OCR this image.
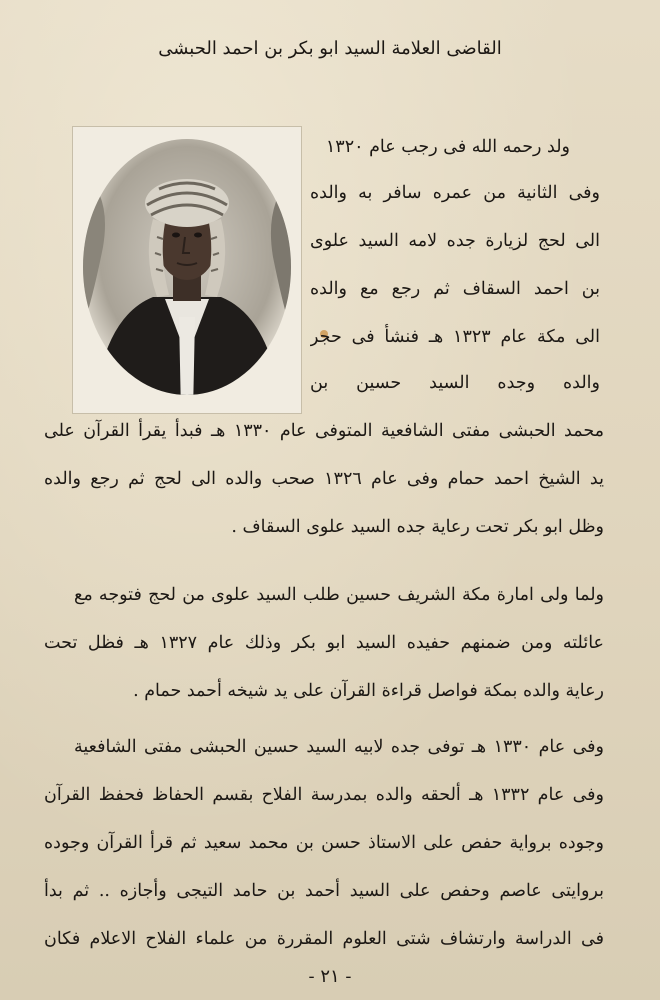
القاضى العلامة السيد ابو بكر بن احمد الحبشى
ولد رحمه الله فى رجب عام ١٣٢٠
وفى الثانية من عمره سافر به والده
الى لحج لزيارة جده لامه السيد علوى
بن احمد السقاف ثم رجع مع والده
الى مكة عام ١٣٢٣ هـ فنشأ فى حجر
والده وجده السيد حسين بن
محمد الحبشى مفتى الشافعية المتوفى عام ١٣٣٠ هـ فبدأ يقرأ القرآن على
يد الشيخ احمد حمام وفى عام ١٣٢٦ صحب والده الى لحج ثم رجع والده
وظل ابو بكر تحت رعاية جده السيد علوى السقاف .
ولما ولى امارة مكة الشريف حسين طلب السيد علوى من لحج فتوجه مع
عائلته ومن ضمنهم حفيده السيد ابو بكر وذلك عام ١٣٢٧ هـ فظل تحت
رعاية والده بمكة فواصل قراءة القرآن على يد شيخه أحمد حمام .
وفى عام ١٣٣٠ هـ توفى جده لابيه السيد حسين الحبشى مفتى الشافعية
وفى عام ١٣٣٢ هـ ألحقه والده بمدرسة الفلاح بقسم الحفاظ فحفظ القرآن
وجوده برواية حفص على الاستاذ حسن بن محمد سعيد ثم قرأ القرآن وجوده
بروايتى عاصم وحفص على السيد أحمد بن حامد التيجى وأجازه .. ثم بدأ
فى الدراسة وارتشاف شتى العلوم المقررة من علماء الفلاح الاعلام فكان
- ٢١ -
